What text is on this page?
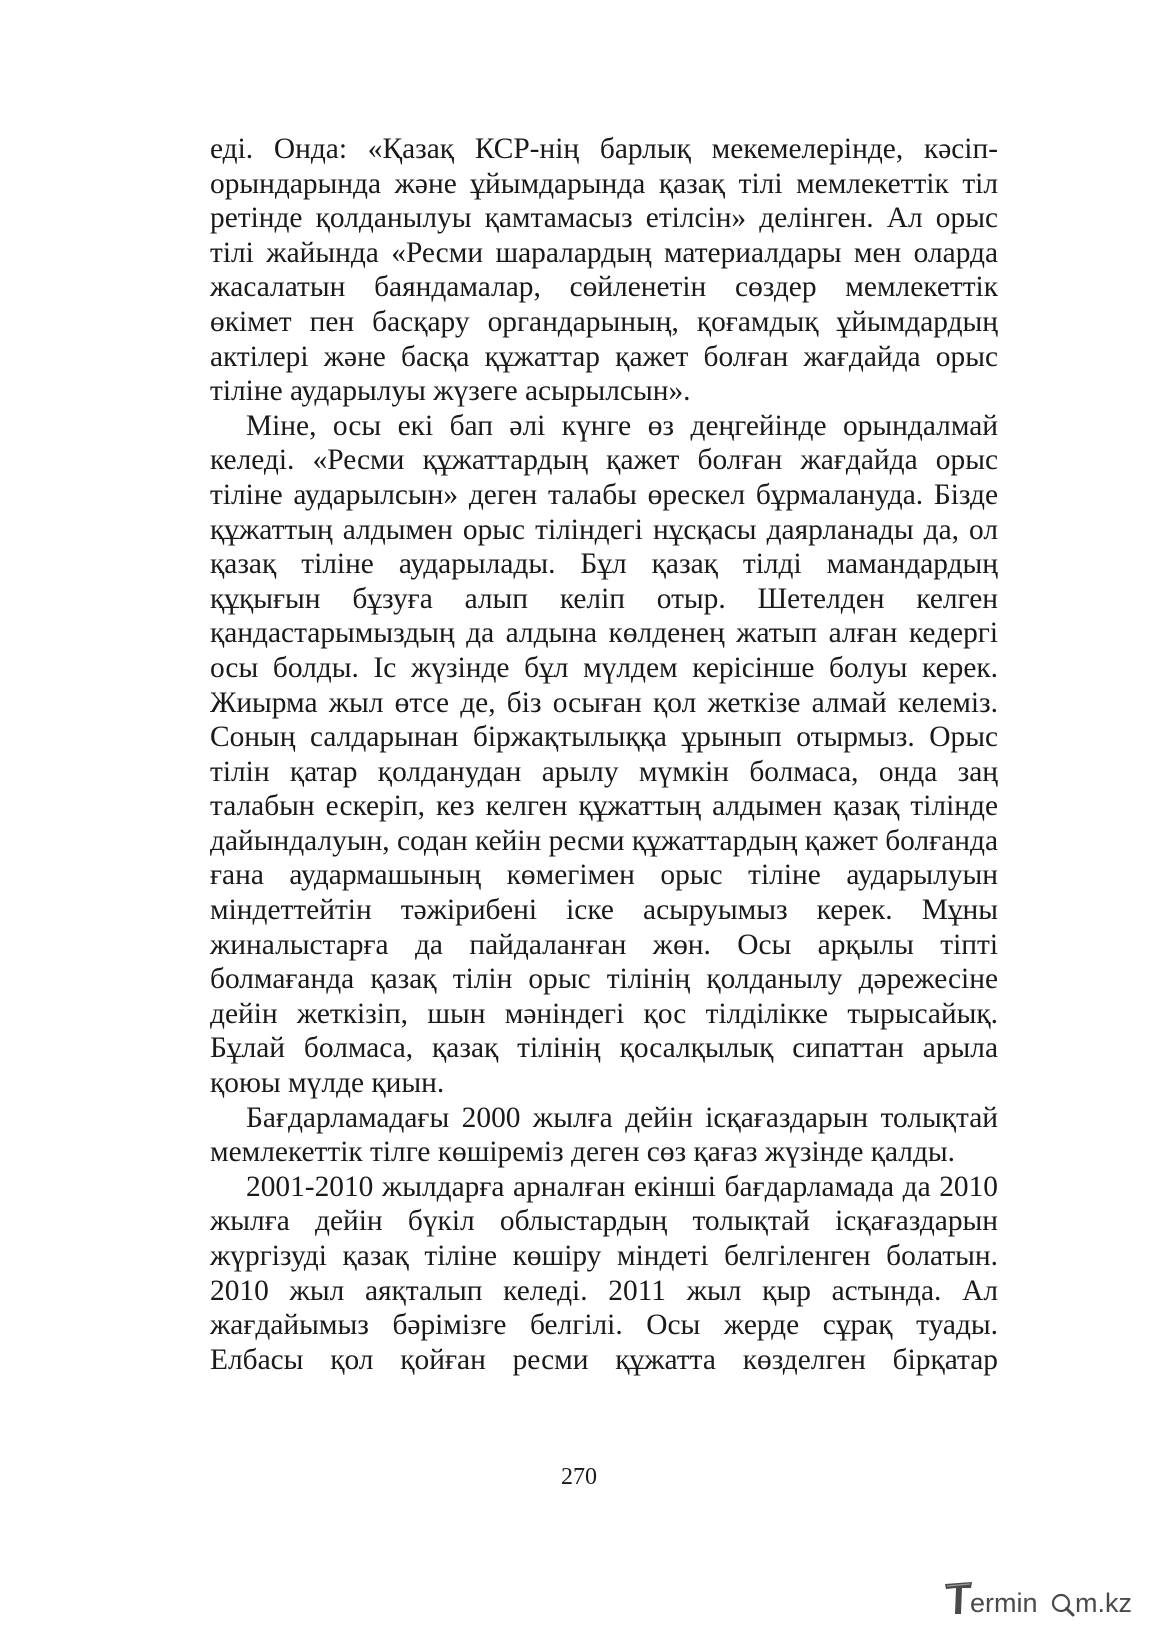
еді. Онда: «Қазақ КСР-нің барлық мекемелерінде, кәсіп-орындарында және ұйымдарында қазақ тілі мемлекеттік тіл ретінде қолданылуы қамтамасыз етілсін» делінген. Ал орыс тілі жайында «Ресми шаралардың материалдары мен оларда жасалатын баяндамалар, сөйленетін сөздер мемлекеттік өкімет пен басқару органдарының, қоғамдық ұйымдардың актілері және басқа құжаттар қажет болған жағдайда орыс тіліне аударылуы жүзеге асырылсын».

Міне, осы екі бап әлі күнге өз деңгейінде орындалмай келеді. «Ресми құжаттардың қажет болған жағдайда орыс тіліне аударылсын» деген талабы өрескел бұрмалануда. Бізде құжаттың алдымен орыс тіліндегі нұсқасы даярланады да, ол қазақ тіліне аударылады. Бұл қазақ тілді мамандардың құқығын бұзуға алып келіп отыр. Шетелден келген қандастарымыздың да алдына көлденең жатып алған кедергі осы болды. Іс жүзінде бұл мүлдем керісінше болуы керек. Жиырма жыл өтсе де, біз осыған қол жеткізе алмай келеміз. Соның салдарынан біржақтылыққа ұрынып отырмыз. Орыс тілін қатар қолданудан арылу мүмкін болмаса, онда заң талабын ескеріп, кез келген құжаттың алдымен қазақ тілінде дайындалуын, содан кейін ресми құжаттардың қажет болғанда ғана аудармашының көмегімен орыс тіліне аударылуын міндеттейтін тәжірибені іске асыруымыз керек. Мұны жиналыстарға да пайдаланған жөн. Осы арқылы тіпті болмағанда қазақ тілін орыс тілінің қолданылу дәрежесіне дейін жеткізіп, шын мәніндегі қос тілділікке тырысайық. Бұлай болмаса, қазақ тілінің қосалқылық сипаттан арыла қоюы мүлде қиын.

Бағдарламадағы 2000 жылға дейін ісқағаздарын толықтай мемлекеттік тілге көшіреміз деген сөз қағаз жүзінде қалды.

2001-2010 жылдарға арналған екінші бағдарламада да 2010 жылға дейін бүкіл облыстардың толықтай ісқағаздарын жүргізуді қазақ тіліне көшіру міндеті белгіленген болатын. 2010 жыл аяқталып келеді. 2011 жыл қыр астында. Ал жағдайымыз бәрімізге белгілі. Осы жерде сұрақ туады. Елбасы қол қойған ресми құжатта көзделген бірқатар

270
ermin m.kz
